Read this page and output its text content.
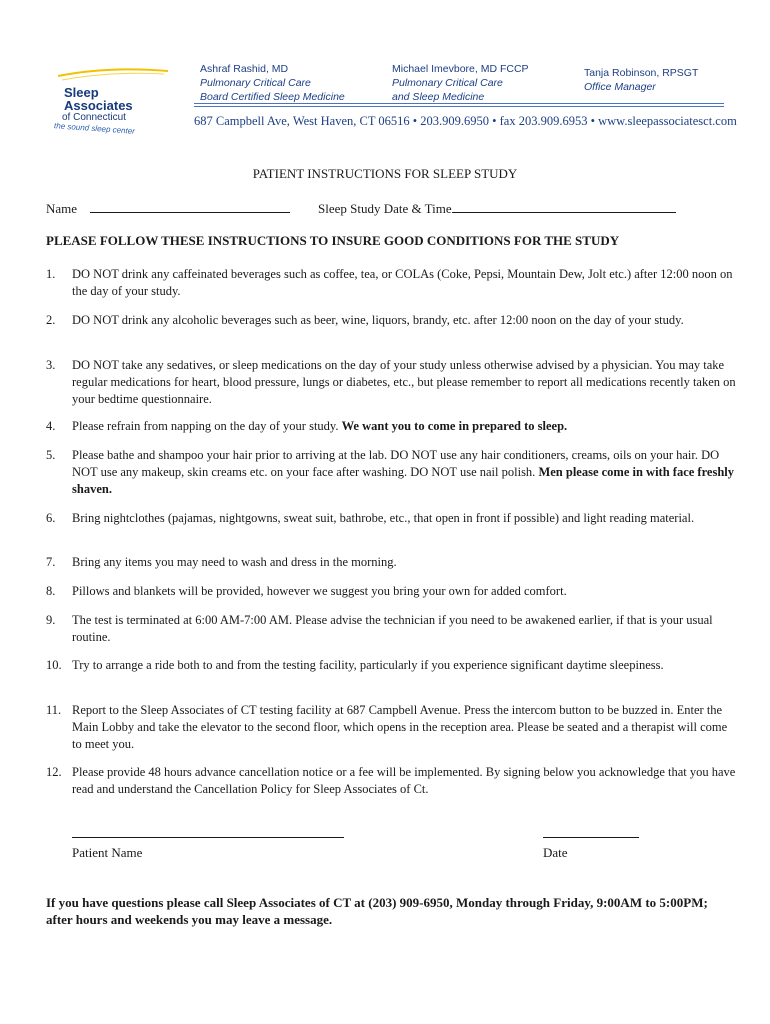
Sleep
Associates
of Connecticut
the sound sleep center
Ashraf Rashid, MD
Pulmonary Critical Care
Board Certified Sleep Medicine
Michael Imevbore, MD FCCP
Pulmonary Critical Care
and Sleep Medicine
Tanja Robinson, RPSGT
Office Manager
687 Campbell Ave, West Haven, CT 06516 • 203.909.6950 • fax 203.909.6953 • www.sleepassociatesct.com
PATIENT INSTRUCTIONS FOR SLEEP STUDY
Name	Sleep Study Date & Time
PLEASE FOLLOW THESE INSTRUCTIONS TO INSURE GOOD CONDITIONS FOR THE STUDY
1. DO NOT drink any caffeinated beverages such as coffee, tea, or COLAs (Coke, Pepsi, Mountain Dew, Jolt etc.) after 12:00 noon on the day of your study.
2. DO NOT drink any alcoholic beverages such as beer, wine, liquors, brandy, etc. after 12:00 noon on the day of your study.
3. DO NOT take any sedatives, or sleep medications on the day of your study unless otherwise advised by a physician. You may take regular medications for heart, blood pressure, lungs or diabetes, etc., but please remember to report all medications recently taken on your bedtime questionnaire.
4. Please refrain from napping on the day of your study. We want you to come in prepared to sleep.
5. Please bathe and shampoo your hair prior to arriving at the lab. DO NOT use any hair conditioners, creams, oils on your hair. DO NOT use any makeup, skin creams etc. on your face after washing. DO NOT use nail polish. Men please come in with face freshly shaven.
6. Bring nightclothes (pajamas, nightgowns, sweat suit, bathrobe, etc., that open in front if possible) and light reading material.
7. Bring any items you may need to wash and dress in the morning.
8. Pillows and blankets will be provided, however we suggest you bring your own for added comfort.
9. The test is terminated at 6:00 AM-7:00 AM. Please advise the technician if you need to be awakened earlier, if that is your usual routine.
10. Try to arrange a ride both to and from the testing facility, particularly if you experience significant daytime sleepiness.
11. Report to the Sleep Associates of CT testing facility at 687 Campbell Avenue. Press the intercom button to be buzzed in. Enter the Main Lobby and take the elevator to the second floor, which opens in the reception area. Please be seated and a therapist will come to meet you.
12. Please provide 48 hours advance cancellation notice or a fee will be implemented. By signing below you acknowledge that you have read and understand the Cancellation Policy for Sleep Associates of Ct.
Patient Name	Date
If you have questions please call Sleep Associates of CT at (203) 909-6950, Monday through Friday, 9:00AM to 5:00PM; after hours and weekends you may leave a message.
